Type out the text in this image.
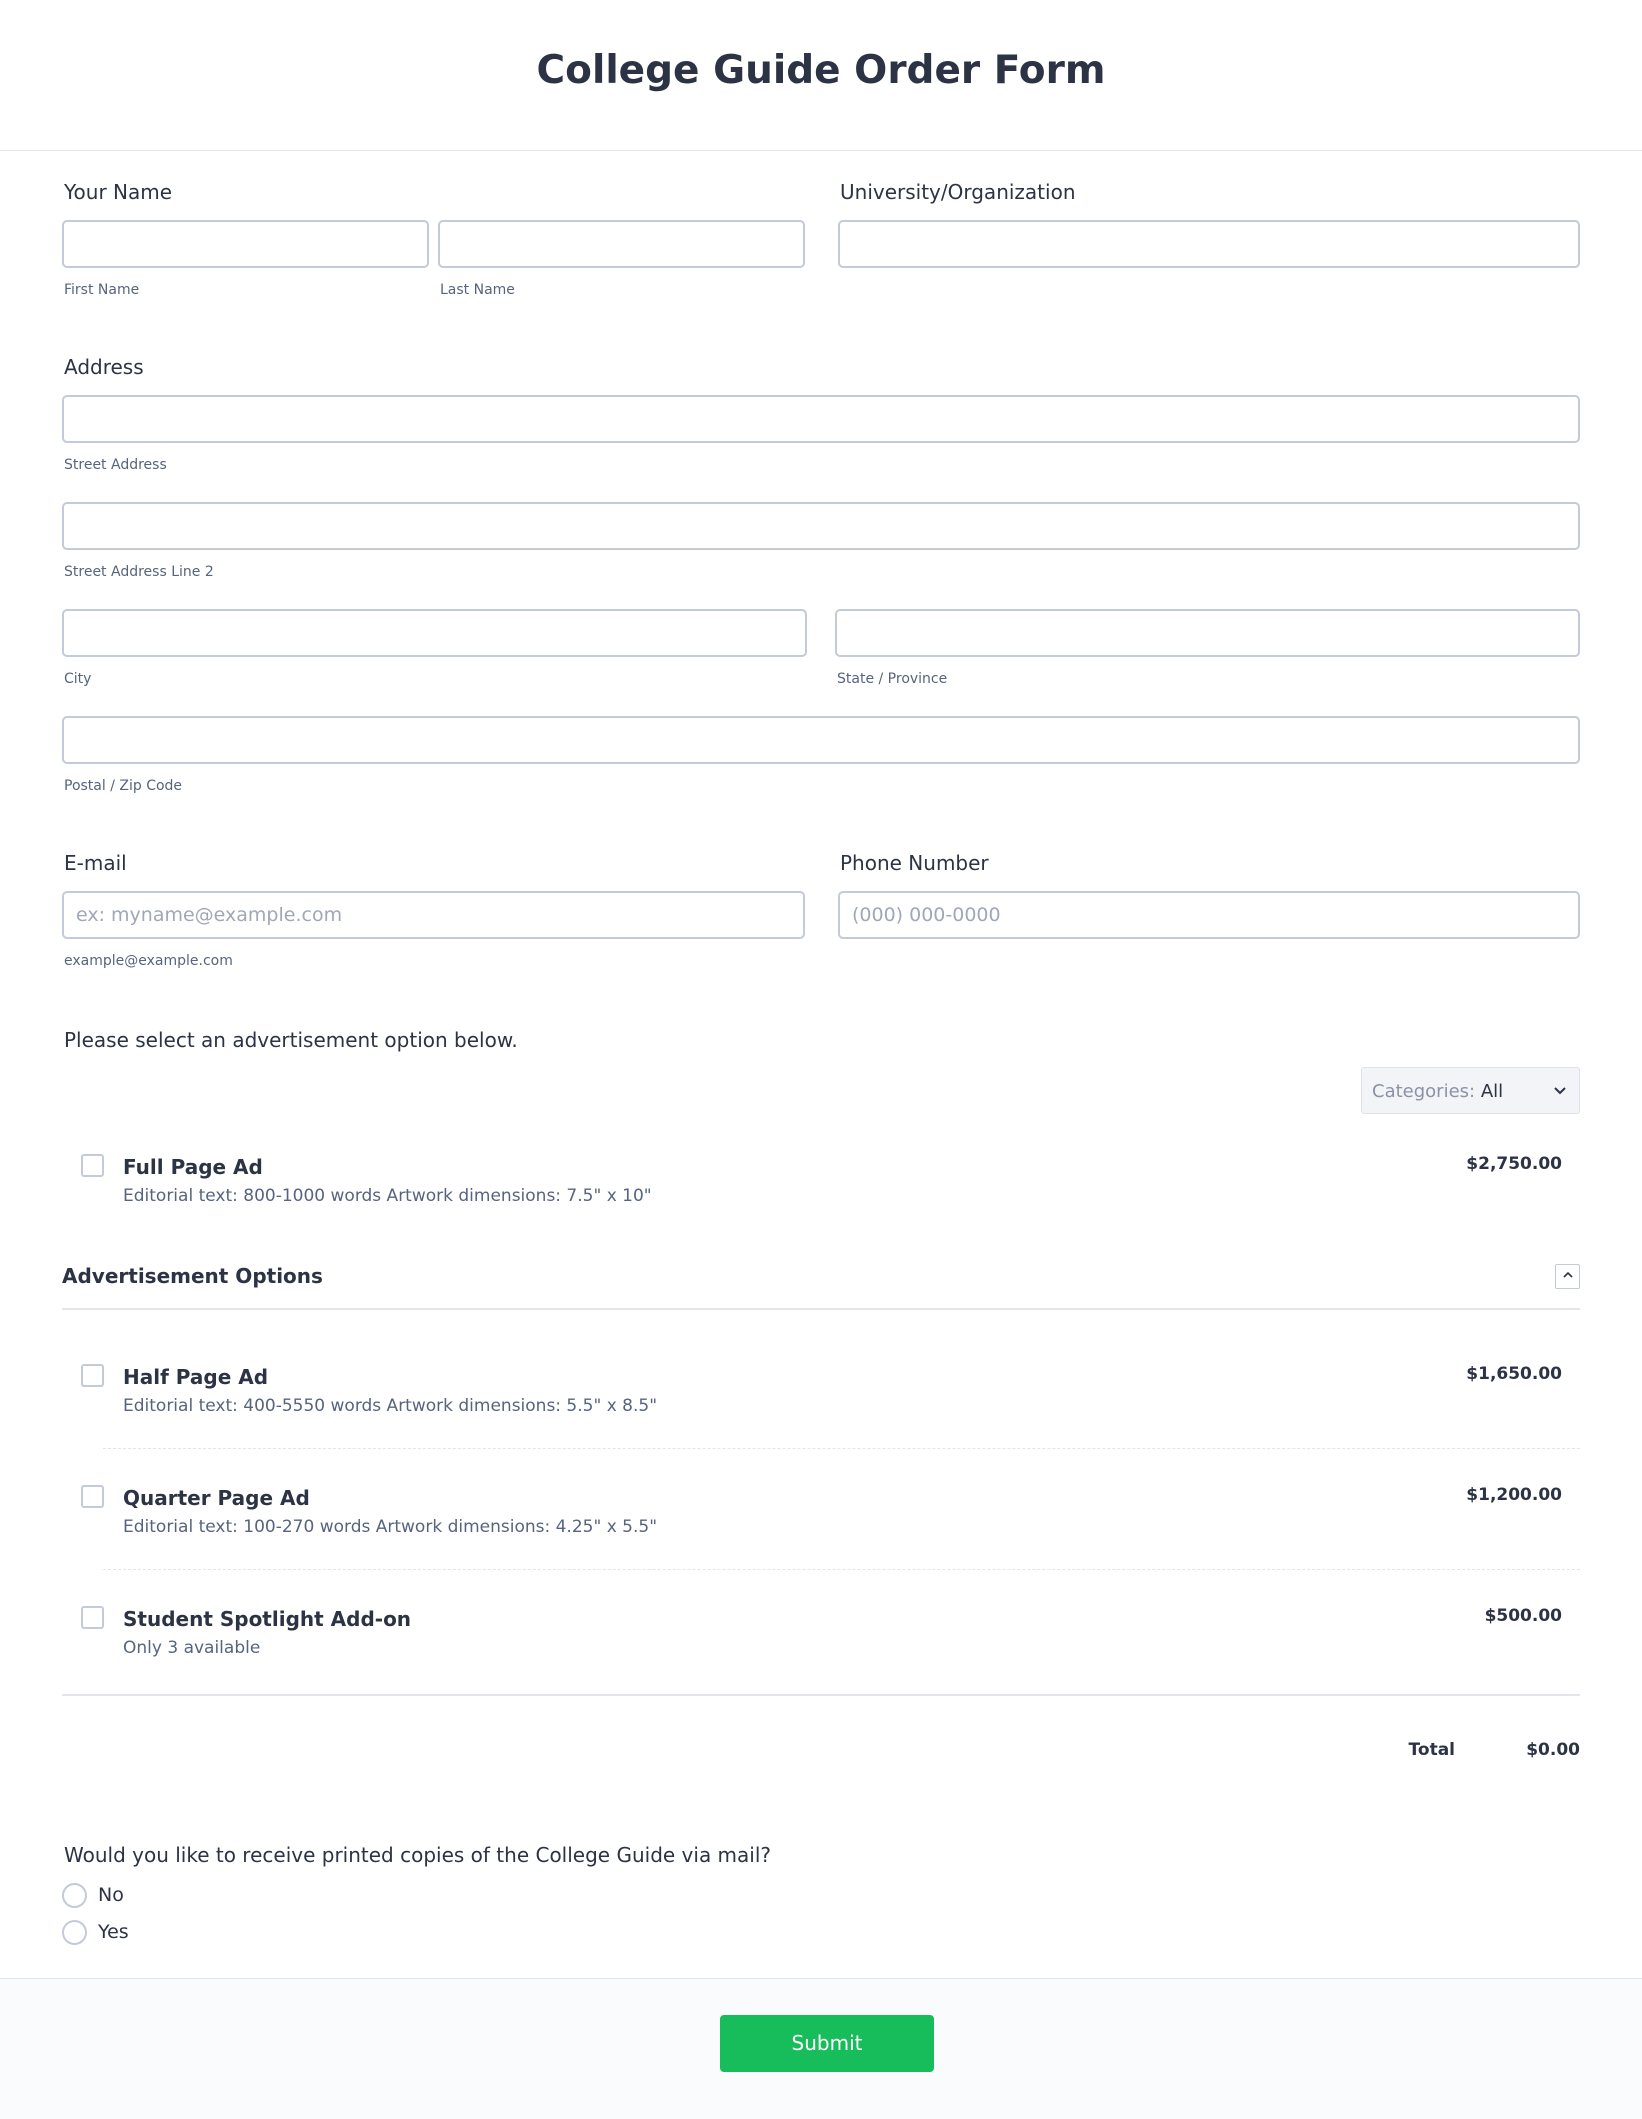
College Guide Order Form
Your Name
First Name	Last Name
University/Organization
Address
Street Address
Street Address Line 2
City	State / Province
Postal / Zip Code
E-mail
ex: myname@example.com
example@example.com
Phone Number
(000) 000-0000
Please select an advertisement option below.
Categories: All
Full Page Ad
Editorial text: 800-1000 words Artwork dimensions: 7.5" x 10"
$2,750.00
Advertisement Options
Half Page Ad
Editorial text: 400-5550 words Artwork dimensions: 5.5" x 8.5"
$1,650.00
Quarter Page Ad
Editorial text: 100-270 words Artwork dimensions: 4.25" x 5.5"
$1,200.00
Student Spotlight Add-on
Only 3 available
$500.00
Total	$0.00
Would you like to receive printed copies of the College Guide via mail?
No
Yes
Submit
